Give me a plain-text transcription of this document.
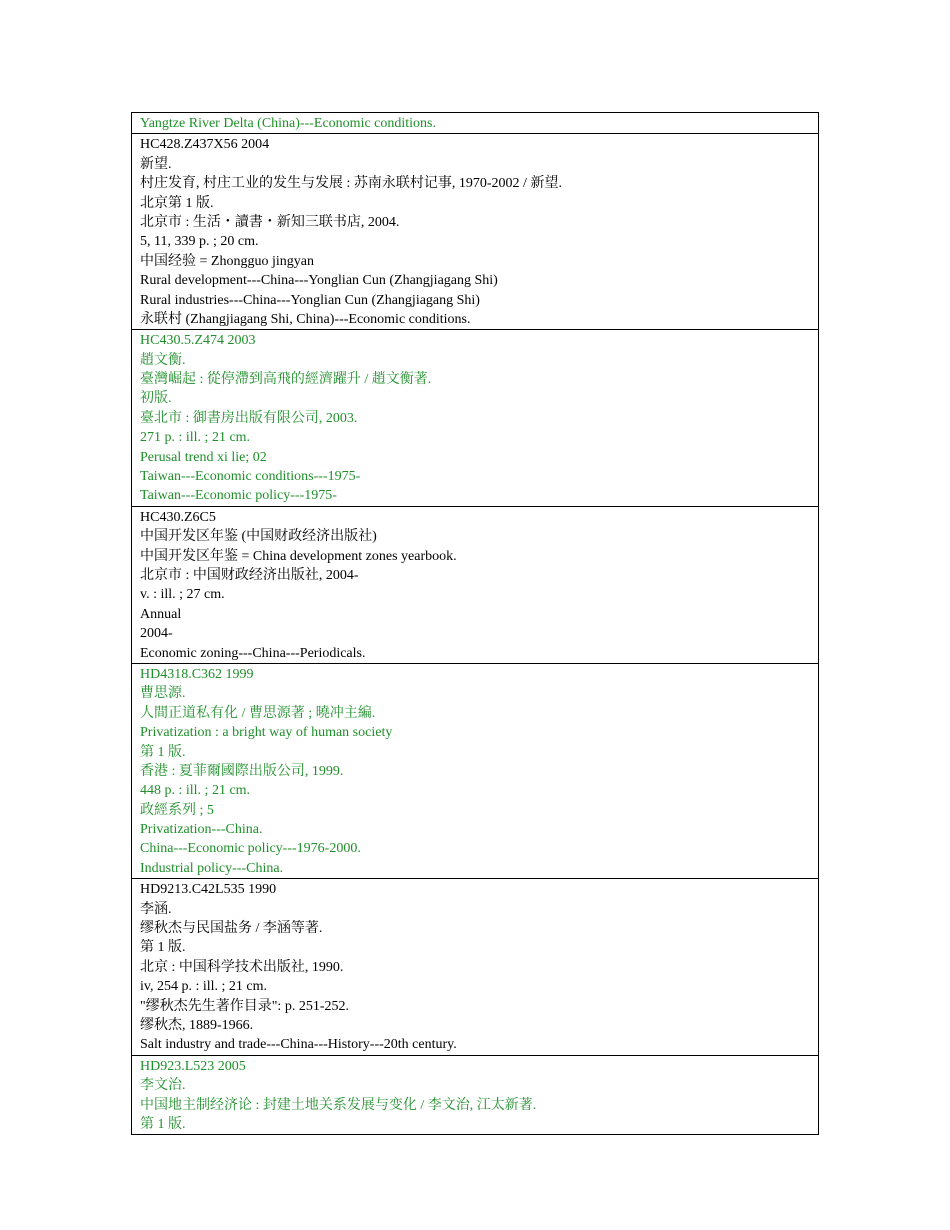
Yangtze River Delta (China)---Economic conditions.

HC428.Z437X56 2004
新望.
村庄发育, 村庄工业的发生与发展 : 苏南永联村记事, 1970-2002 / 新望.
北京第 1 版.
北京市 : 生活・讀書・新知三联书店, 2004.
5, 11, 339 p. ; 20 cm.
中国经验 = Zhongguo jingyan
Rural development---China---Yonglian Cun (Zhangjiagang Shi)
Rural industries---China---Yonglian Cun (Zhangjiagang Shi)
永联村 (Zhangjiagang Shi, China)---Economic conditions.

HC430.5.Z474 2003
趙文衡.
臺灣崛起 : 從停滯到高飛的經濟躍升 / 趙文衡著.
初版.
臺北市 : 御書房出版有限公司, 2003.
271 p. : ill. ; 21 cm.
Perusal trend xi lie; 02
Taiwan---Economic conditions---1975-
Taiwan---Economic policy---1975-

HC430.Z6C5
中国开发区年鉴 (中国财政经济出版社)
中国开发区年鉴 = China development zones yearbook.
北京市 : 中国财政经济出版社, 2004-
v. : ill. ; 27 cm.
Annual
2004-
Economic zoning---China---Periodicals.

HD4318.C362 1999
曹思源.
人間正道私有化 / 曹思源著 ; 曉冲主編.
Privatization : a bright way of human society
第 1 版.
香港 : 夏菲爾國際出版公司, 1999.
448 p. : ill. ; 21 cm.
政經系列 ; 5
Privatization---China.
China---Economic policy---1976-2000.
Industrial policy---China.

HD9213.C42L535 1990
李涵.
缪秋杰与民国盐务 / 李涵等著.
第 1 版.
北京 : 中国科学技术出版社, 1990.
iv, 254 p. : ill. ; 21 cm.
"缪秋杰先生著作目录": p. 251-252.
缪秋杰, 1889-1966.
Salt industry and trade---China---History---20th century.

HD923.L523 2005
李文治.
中国地主制经济论 : 封建土地关系发展与变化 / 李文治, 江太新著.
第 1 版.
